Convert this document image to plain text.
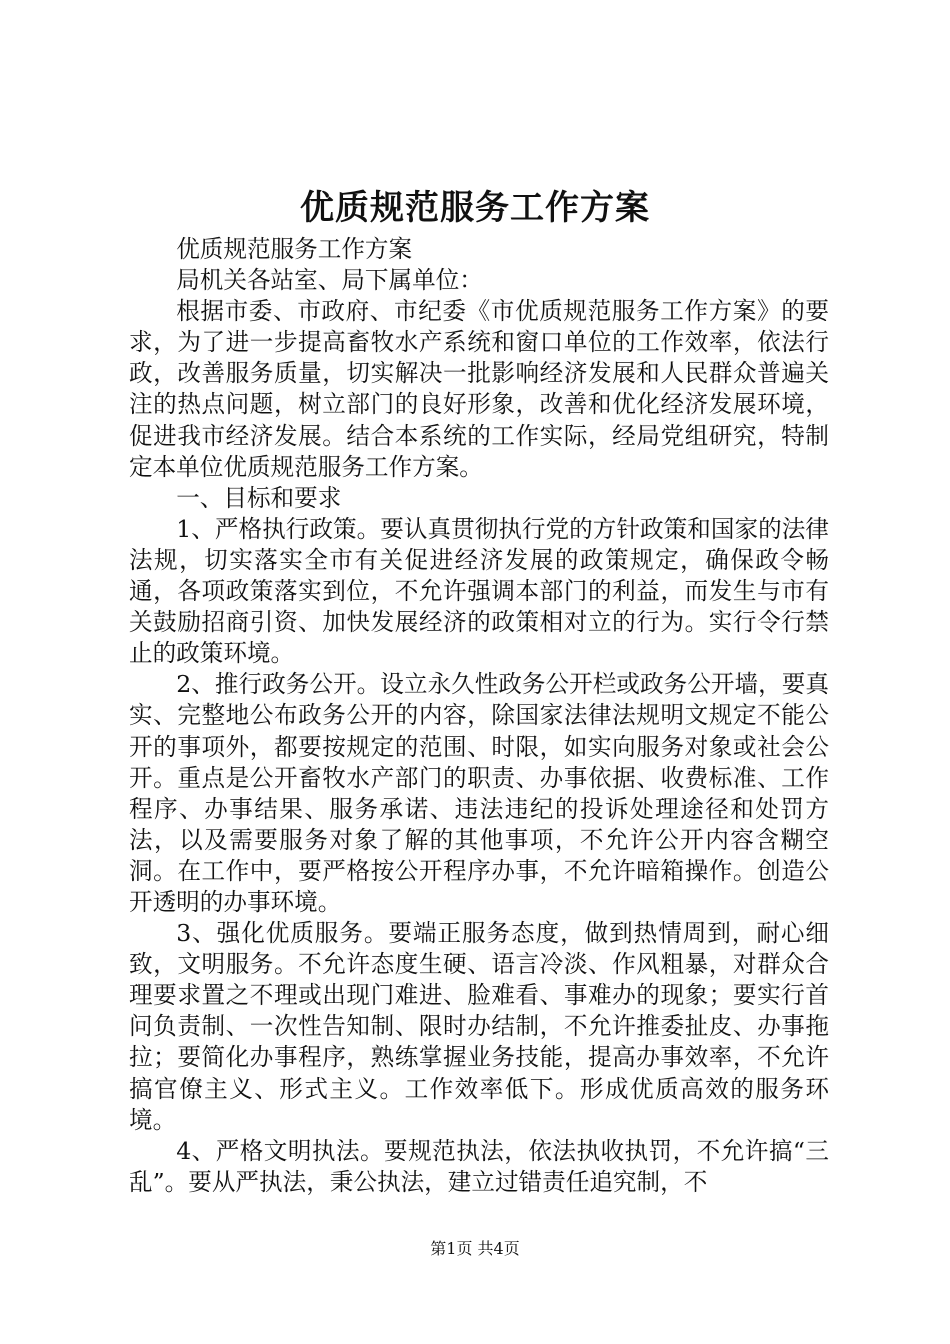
优质规范服务工作方案

优质规范服务工作方案

局机关各站室、局下属单位：

根据市委、市政府、市纪委《市优质规范服务工作方案》的要求，为了进一步提高畜牧水产系统和窗口单位的工作效率，依法行政，改善服务质量，切实解决一批影响经济发展和人民群众普遍关注的热点问题，树立部门的良好形象，改善和优化经济发展环境，促进我市经济发展。结合本系统的工作实际，经局党组研究，特制定本单位优质规范服务工作方案。

一、目标和要求

1、严格执行政策。要认真贯彻执行党的方针政策和国家的法律法规，切实落实全市有关促进经济发展的政策规定，确保政令畅通，各项政策落实到位，不允许强调本部门的利益，而发生与市有关鼓励招商引资、加快发展经济的政策相对立的行为。实行令行禁止的政策环境。

2、推行政务公开。设立永久性政务公开栏或政务公开墙，要真实、完整地公布政务公开的内容，除国家法律法规明文规定不能公开的事项外，都要按规定的范围、时限，如实向服务对象或社会公开。重点是公开畜牧水产部门的职责、办事依据、收费标准、工作程序、办事结果、服务承诺、违法违纪的投诉处理途径和处罚方法，以及需要服务对象了解的其他事项，不允许公开内容含糊空洞。在工作中，要严格按公开程序办事，不允许暗箱操作。创造公开透明的办事环境。

3、强化优质服务。要端正服务态度，做到热情周到，耐心细致，文明服务。不允许态度生硬、语言冷淡、作风粗暴，对群众合理要求置之不理或出现门难进、脸难看、事难办的现象；要实行首问负责制、一次性告知制、限时办结制，不允许推委扯皮、办事拖拉；要简化办事程序，熟练掌握业务技能，提高办事效率，不允许搞官僚主义、形式主义。工作效率低下。形成优质高效的服务环境。

4、严格文明执法。要规范执法，依法执收执罚，不允许搞“三乱”。要从严执法，秉公执法，建立过错责任追究制，不

第1页 共4页
